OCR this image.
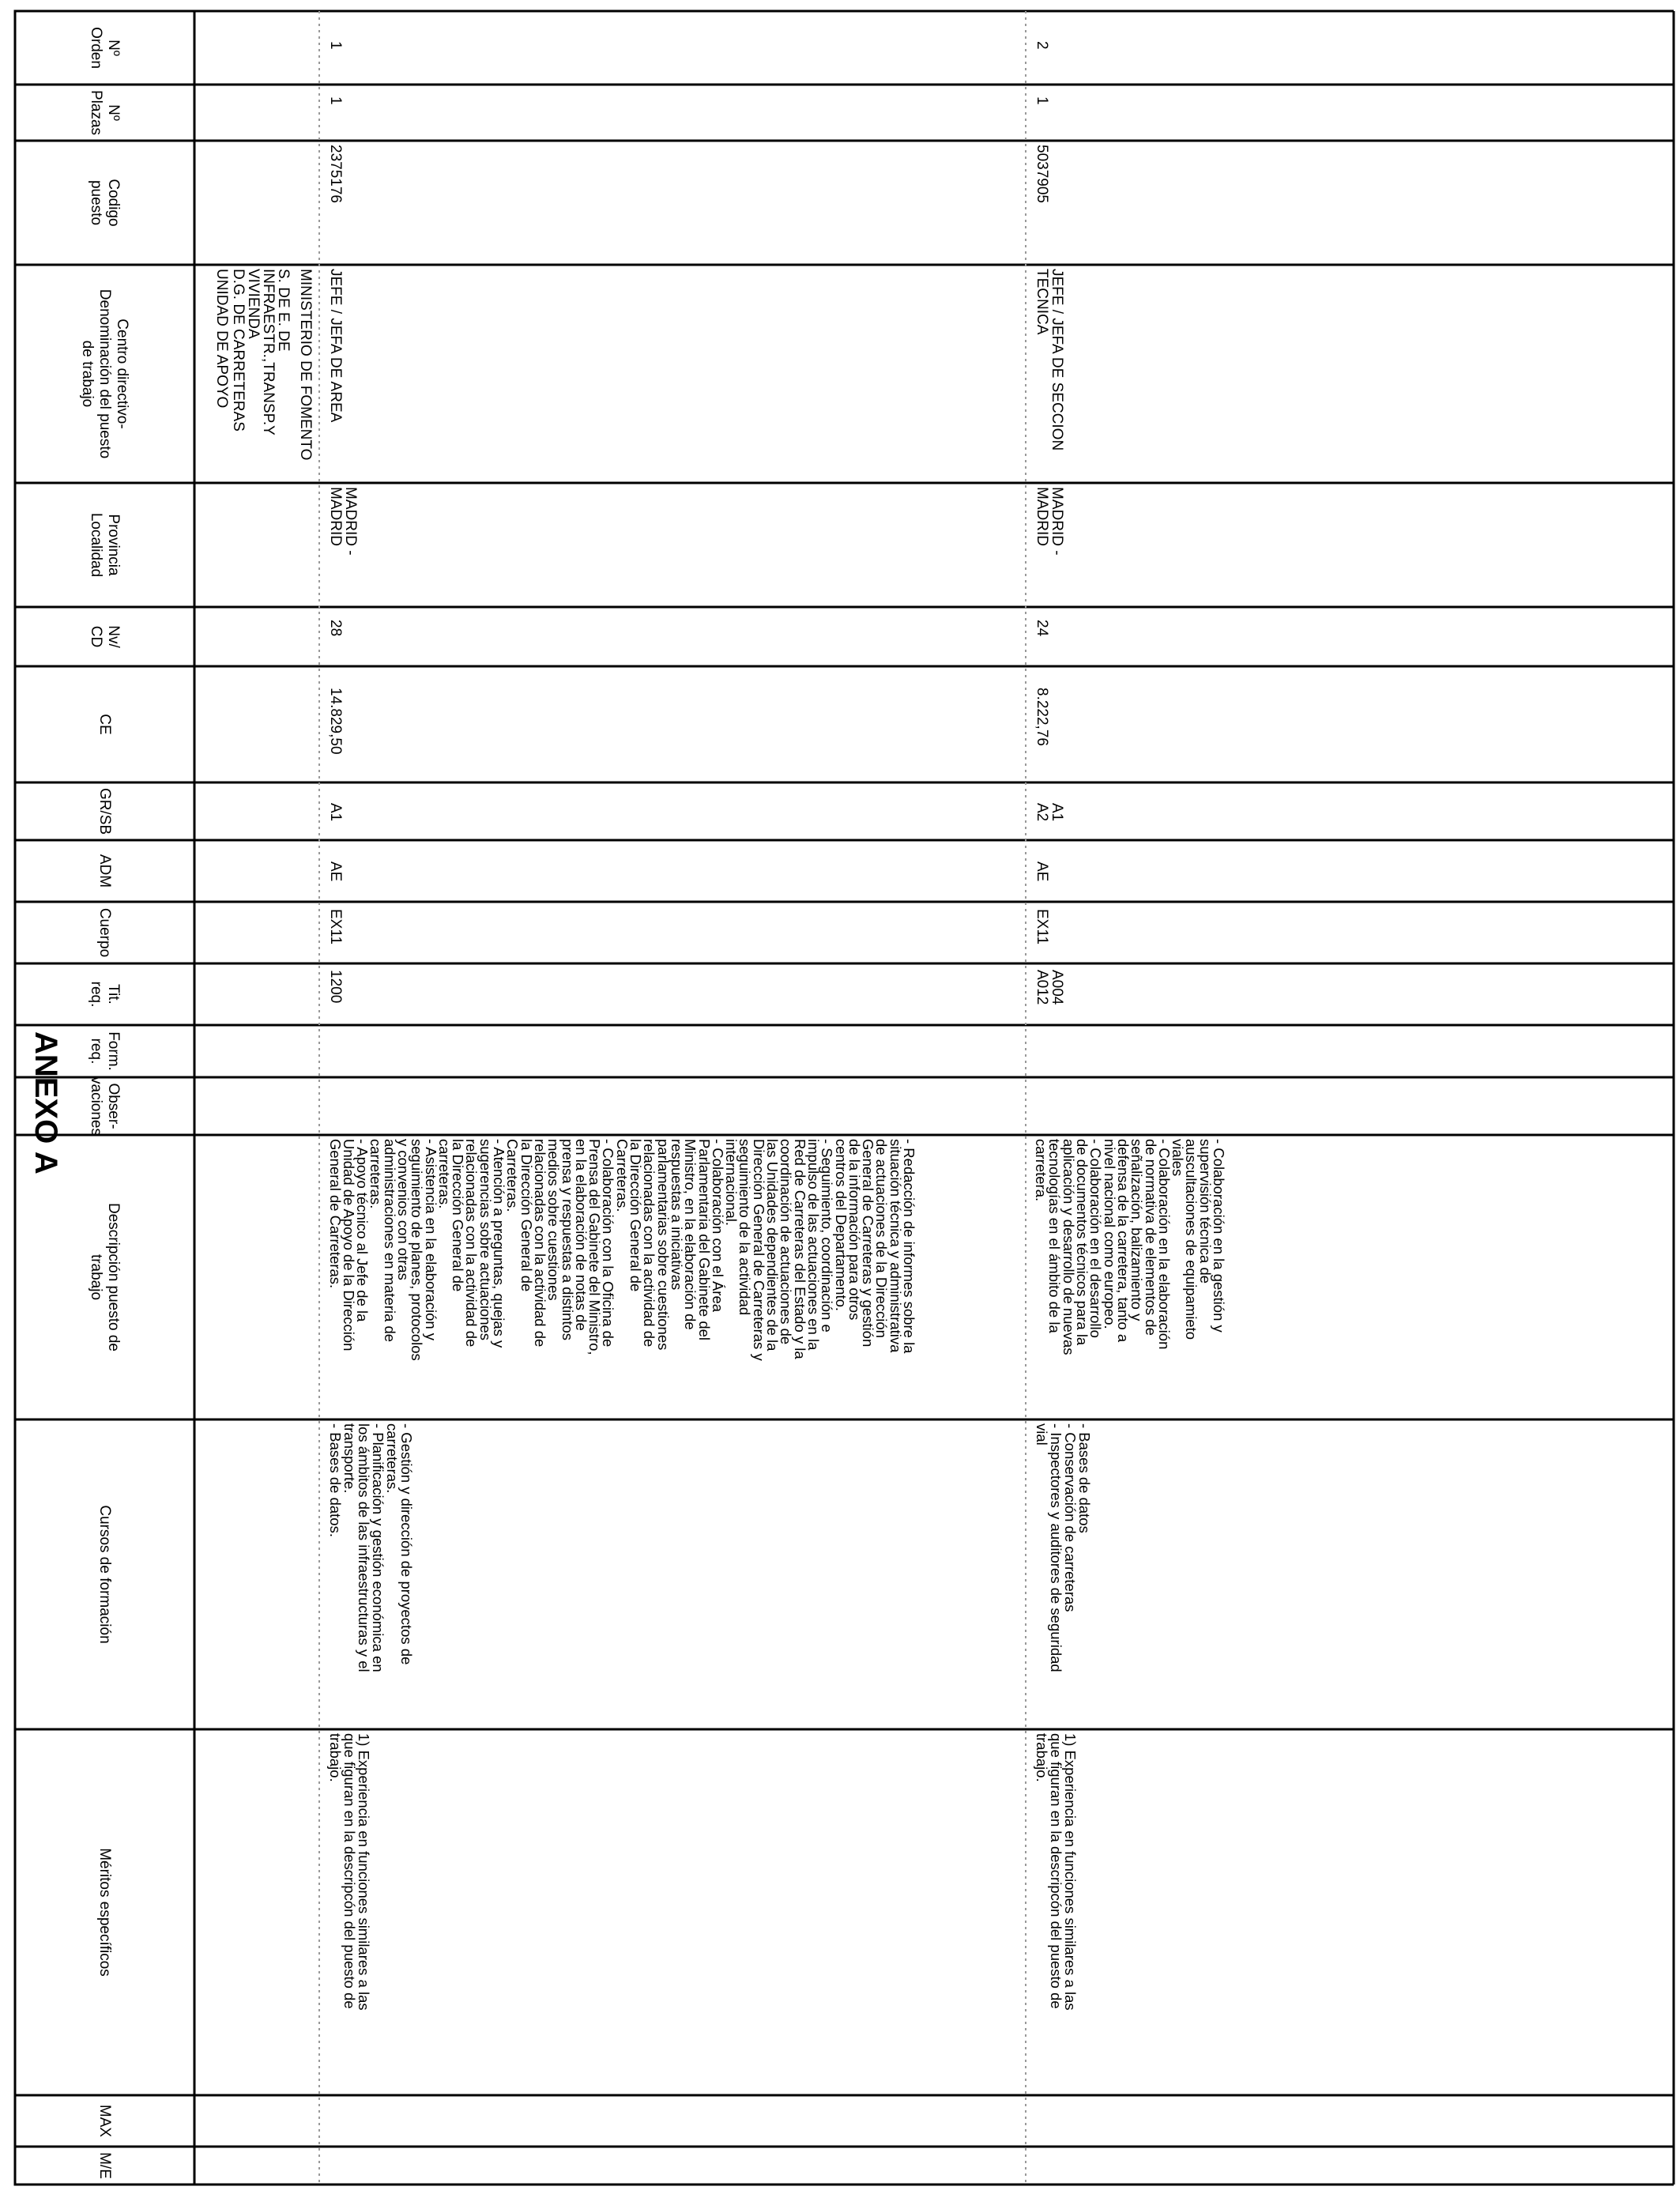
ANEXO A
Nº
Orden
Nº
Plazas
Codigo
puesto
Centro directivo-
Denominación del puesto
de trabajo
Provincia
Localidad
Nv/
CD
CE
GR/SB
ADM
Cuerpo
Tit.
req.
Form.
req.
Obser-
vaciones
Descripción puesto de
trabajo
Cursos de formación
Méritos específicos
MAX
M/E
MINISTERIO DE FOMENTO
S. DE E. DE
INFRAESTR.,TRANSP.Y
VIVIENDA
D.G. DE CARRETERAS
UNIDAD DE APOYO
1
1
2375176
JEFE / JEFA DE AREA
MADRID -
MADRID
28
14.829,50
A1
AE
EX11
1200
- Redacción de informes sobre la
situación técnica y administrativa
de actuaciones de la Dirección
General de Carreteras y gestión
de la información para otros
centros del Departamento.
- Seguimiento, coordinación e
impulso de las actuaciones en la
Red de Carreteras del Estado y la
coordinación de actuaciones de
las Unidades dependientes de la
Dirección General de Carreteras y
seguimiento de la actividad
internacional.
- Colaboración con el Área
Parlamentaria del Gabinete del
Ministro, en la elaboración de
respuestas a iniciativas
parlamentarias sobre cuestiones
relacionadas con la actividad de
la Dirección General de
Carreteras.
- Colaboración con la Oficina de
Prensa del Gabinete del Ministro,
en la elaboración de notas de
prensa y respuestas a distintos
medios sobre cuestiones
relacionadas con la actividad de
la Dirección General de
Carreteras.
- Atención a preguntas, quejas y
sugerencias sobre actuaciones
relacionadas con la actividad de
la Dirección General de
carreteras.
- Asistencia en la elaboración y
seguimiento de planes, protocolos
y convenios con otras
administraciones en materia de
carreteras.
- Apoyo técnico al Jefe de la
Unidad de Apoyo de la Dirección
General de Carreteras.
- Gestión y dirección de proyectos de
carreteras.
- Planificación y gestión económica en
los ámbitos de las infraestructuras y el
transporte.
- Bases de datos.
1) Experiencia en funciones similares a las
que figuran en la descripcón del puesto de
trabajo.
2
1
5037905
JEFE / JEFA DE SECCION
TECNICA
MADRID -
MADRID
24
8.222,76
A1
A2
AE
EX11
A004
A012
- Colaboración en la gestión y
supervisión técnica de
auscultaciones de equipamieto
viales
- Colaboración en la elaboración
de normativa de elementos de
señalización, balizamiento y
defensa de la carretera, tanto a
nivel nacional como europeo.
- Colaboración en el desarrollo
de documentos técnicos para la
aplicación y desarrollo de nuevas
tecnologías en el ámbito de la
carretera.
- Bases de datos
- Conservación de carreteras
- Inspectores y auditores de seguridad
vial
1) Experiencia en funciones similares a las
que figuran en la descripcón del puesto de
trabajo.
